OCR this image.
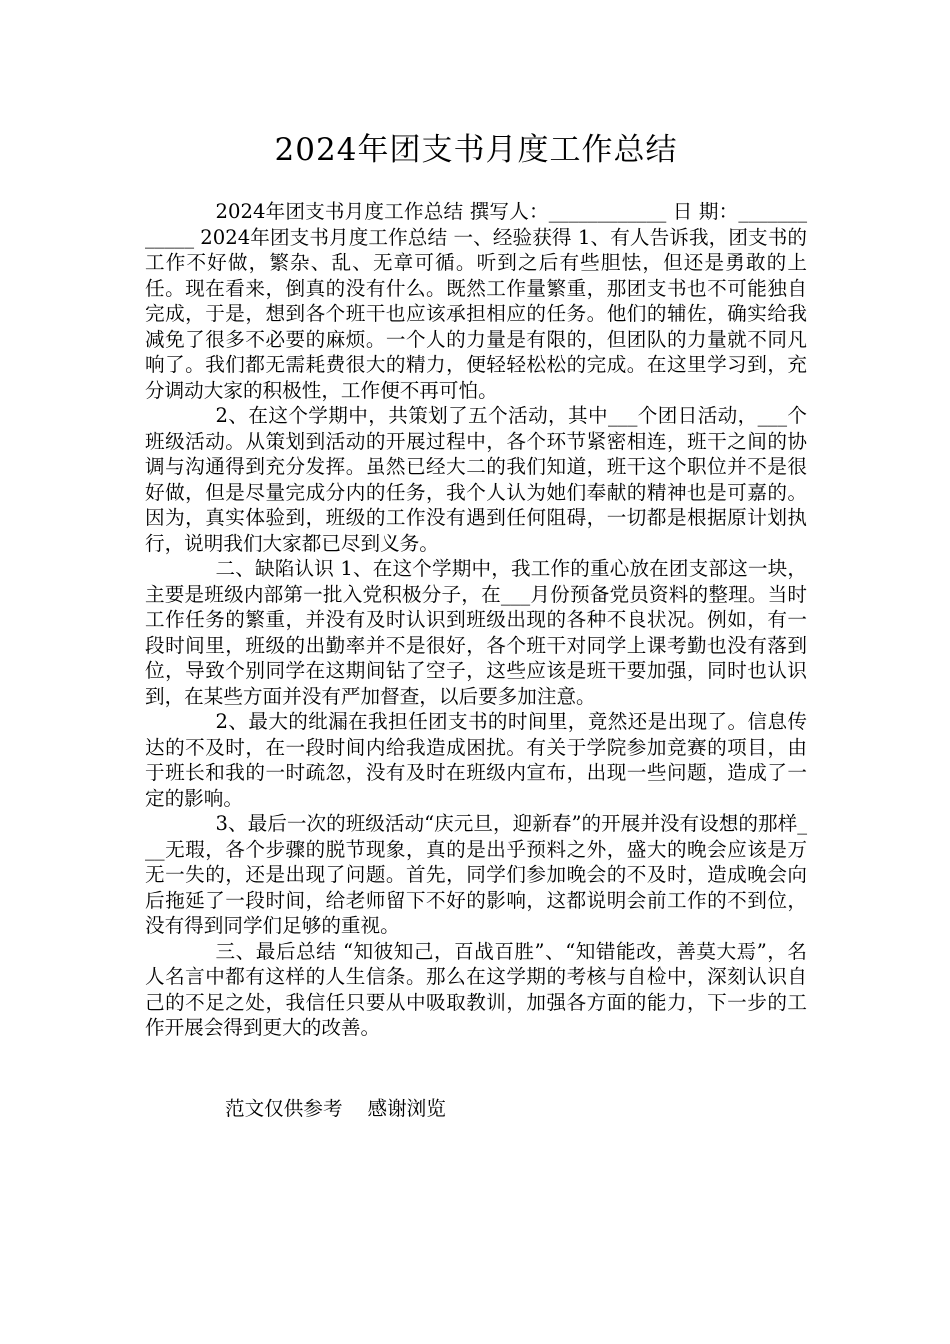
2024年团支书月度工作总结

2024年团支书月度工作总结 撰写人：____________ 日 期：____________ 2024年团支书月度工作总结 一、经验获得 1、有人告诉我，团支书的工作不好做，繁杂、乱、无章可循。听到之后有些胆怯，但还是勇敢的上任。现在看来，倒真的没有什么。既然工作量繁重，那团支书也不可能独自完成，于是，想到各个班干也应该承担相应的任务。他们的辅佐，确实给我减免了很多不必要的麻烦。一个人的力量是有限的，但团队的力量就不同凡响了。我们都无需耗费很大的精力，便轻轻松松的完成。在这里学习到，充分调动大家的积极性，工作便不再可怕。

2、在这个学期中，共策划了五个活动，其中___个团日活动，___个班级活动。从策划到活动的开展过程中，各个环节紧密相连，班干之间的协调与沟通得到充分发挥。虽然已经大二的我们知道，班干这个职位并不是很好做，但是尽量完成分内的任务，我个人认为她们奉献的精神也是可嘉的。因为，真实体验到，班级的工作没有遇到任何阻碍，一切都是根据原计划执行，说明我们大家都已尽到义务。

二、缺陷认识 1、在这个学期中，我工作的重心放在团支部这一块，主要是班级内部第一批入党积极分子，在___月份预备党员资料的整理。当时工作任务的繁重，并没有及时认识到班级出现的各种不良状况。例如，有一段时间里，班级的出勤率并不是很好，各个班干对同学上课考勤也没有落到位，导致个别同学在这期间钻了空子，这些应该是班干要加强，同时也认识到，在某些方面并没有严加督查，以后要多加注意。

2、最大的纰漏在我担任团支书的时间里，竟然还是出现了。信息传达的不及时，在一段时间内给我造成困扰。有关于学院参加竞赛的项目，由于班长和我的一时疏忽，没有及时在班级内宣布，出现一些问题，造成了一定的影响。

3、最后一次的班级活动“庆元旦，迎新春”的开展并没有设想的那样___无瑕，各个步骤的脱节现象，真的是出乎预料之外，盛大的晚会应该是万无一失的，还是出现了问题。首先，同学们参加晚会的不及时，造成晚会向后拖延了一段时间，给老师留下不好的影响，这都说明会前工作的不到位，没有得到同学们足够的重视。

三、最后总结 “知彼知己，百战百胜”、“知错能改，善莫大焉”，名人名言中都有这样的人生信条。那么在这学期的考核与自检中，深刻认识自己的不足之处，我信任只要从中吸取教训，加强各方面的能力，下一步的工作开展会得到更大的改善。

范文仅供参考    感谢浏览
